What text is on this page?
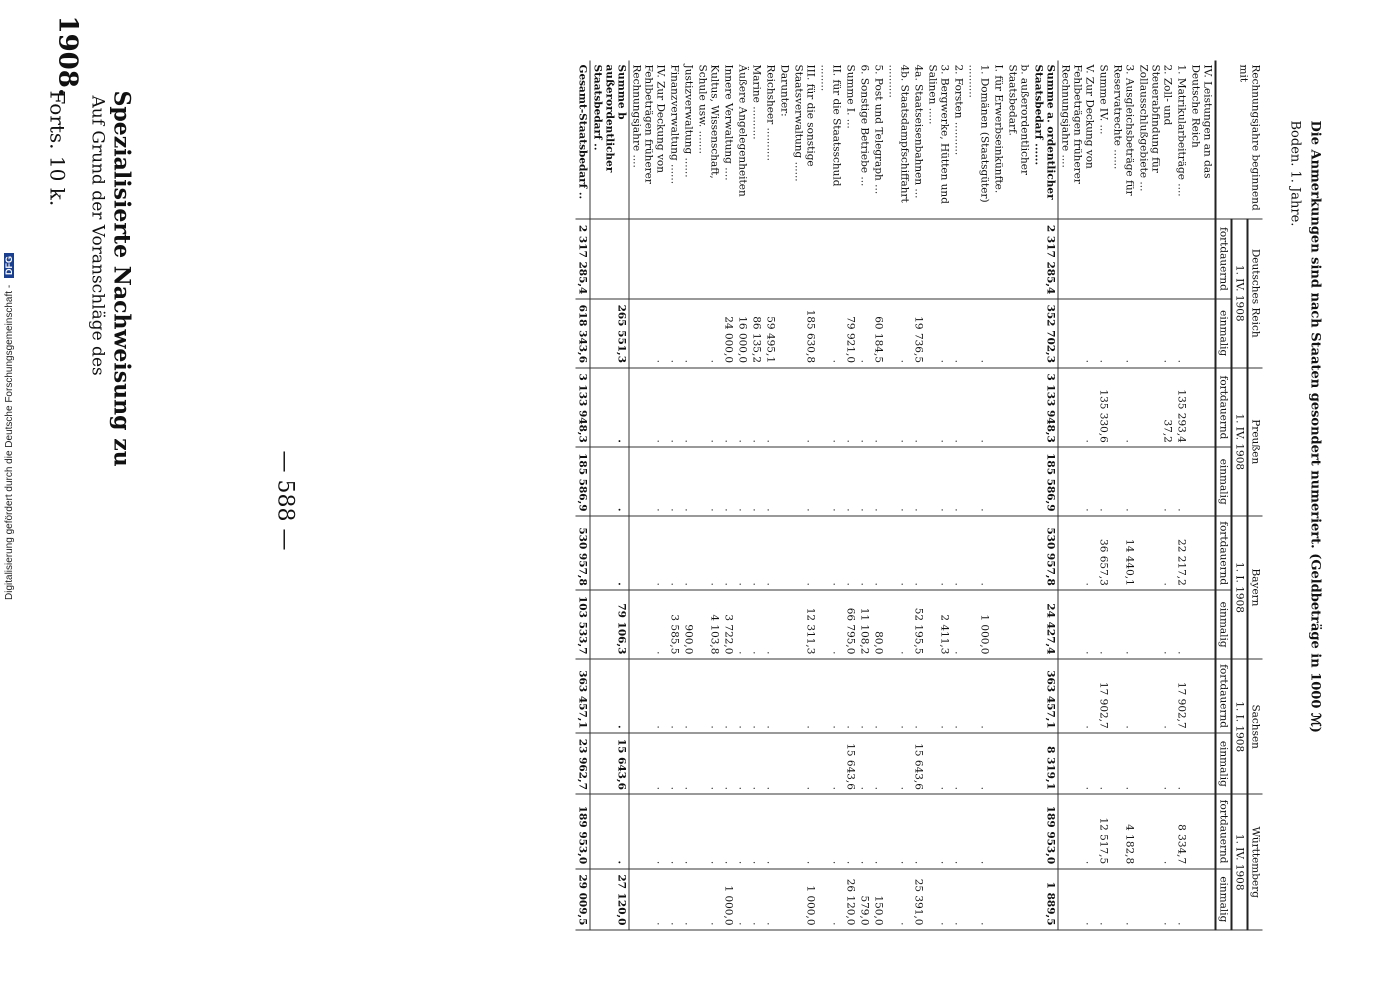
— 588 —
1908.
Spezialisierte Nachweisung zu
Auf Grund der Voranschläge des
Forts. 10 k.	Rechnungsjahre beginnend mit	Deutsches Reich		Preußen		Bayern		Sachsen		Württemberg	
	1. IV. 1908		1. IV. 1908		1. I. 1908		1. I. 1908		1. IV. 1908	
	fortdauernd	einmalig	fortdauernd	einmalig	fortdauernd	einmalig	fortdauernd	einmalig	fortdauernd	einmalig
IV. Leistungen an das Deutsche Reich										
1. Matrikularbeiträge ....		.	135 293,4	.	22 217,2	.	17 902,7	.	8 334,7	.
2. Zoll- und Steuerabfindung für Zollausschlußgebiete ...		.	37,2	.	.	.	.	.	.	.
3. Ausgleichsbeträge für Reservatrechte ......		.	.	.	14 440,1	.	.	.	4 182,8	.
Summe IV. ...		.	135 330,6	.	36 657,3	.	17 902,7	.	12 517,5	.
V. Zur Deckung von Fehlbeträgen früherer Rechnungsjahre ....		.	.	.	.	.	.	.	.	.
Summe a. ordentlicher Staatsbedarf ......	2 317 285,4	352 702,3	3 133 948,3	185 586,9	530 957,8	24 427,4	363 457,1	8 319,1	189 953,0	1 889,5
b. außerordentlicher Staatsbedarf.										
I. für Erwerbseinkünfte.										
1. Domänen (Staatsgüter) ..........		.	.	.	.	1 000,0	.	.	.	.
2. Forsten ..........		.	.	.	.	.	.	.	.	.
3. Bergwerke, Hütten und Salinen .....		.	.	.	.	2 411,3	.	.	.	.
4a. Staatseisenbahnen ...		19 736,5	.	.	.	52 195,5	.	15 643,6	.	25 391,0
4b. Staatsdampfschiffahrt ..........		.	.	.	.	.	.	.	.	.
5. Post und Telegraph ...		60 184,5	.	.	.	80,0	.	.	.	150,0
6. Sonstige Betriebe ...		.	.	.	.	11 108,2	.	.	.	579,0
Summe I. ...		79 921,0	.	.	.	66 795,0	.	15 643,6	.	26 120,0
II. für die Staatsschuld ........		.	.	.	.	.	.	.	.	.
III. für die sonstige Staatsverwaltung ......		185 630,8	.	.	.	12 311,3	.	.	.	1 000,0
Darunter:										
Reichsheer ..........		59 495,1	.	.	.	.	.	.	.	.
Marine ..........		86 135,2	.	.	.	.	.	.	.	.
Äußere Angelegenheiten		16 000,0	.	.	.	.	.	.	.	.
Innere Verwaltung ....		24 000,0	.	.	.	3 722,0	.	.	.	1 000,0
Kultus, Wissenschaft, Schule usw. .......		.	.	.	.	4 103,8	.	.	.	.
Justizverwaltung ......		.	.	.	.	900,0	.	.	.	.
Finanzverwaltung ......		.	.	.	.	3 585,5	.	.	.	.
IV. Zur Deckung von Fehlbeträgen früherer Rechnungsjahre ....		.	.	.	.	.	.	.	.	.
Summe b außerordentlicher Staatsbedarf ..		265 551,3	.	.	.	79 106,3	.	15 643,6	.	27 120,0
Gesamt-Staatsbedarf ..	2 317 285,4	618 343,6	3 133 948,3	185 586,9	530 957,8	103 533,7	363 457,1	23 962,7	189 953,0	29 009,5
Die Anmerkungen sind nach Staaten gesondert numeriert. (Geldbeträge in 1000 ℳ)
Boden. 1. Jahre.
Digitalisierung gefördert durch die Deutsche Forschungsgemeinschaft - DFG
